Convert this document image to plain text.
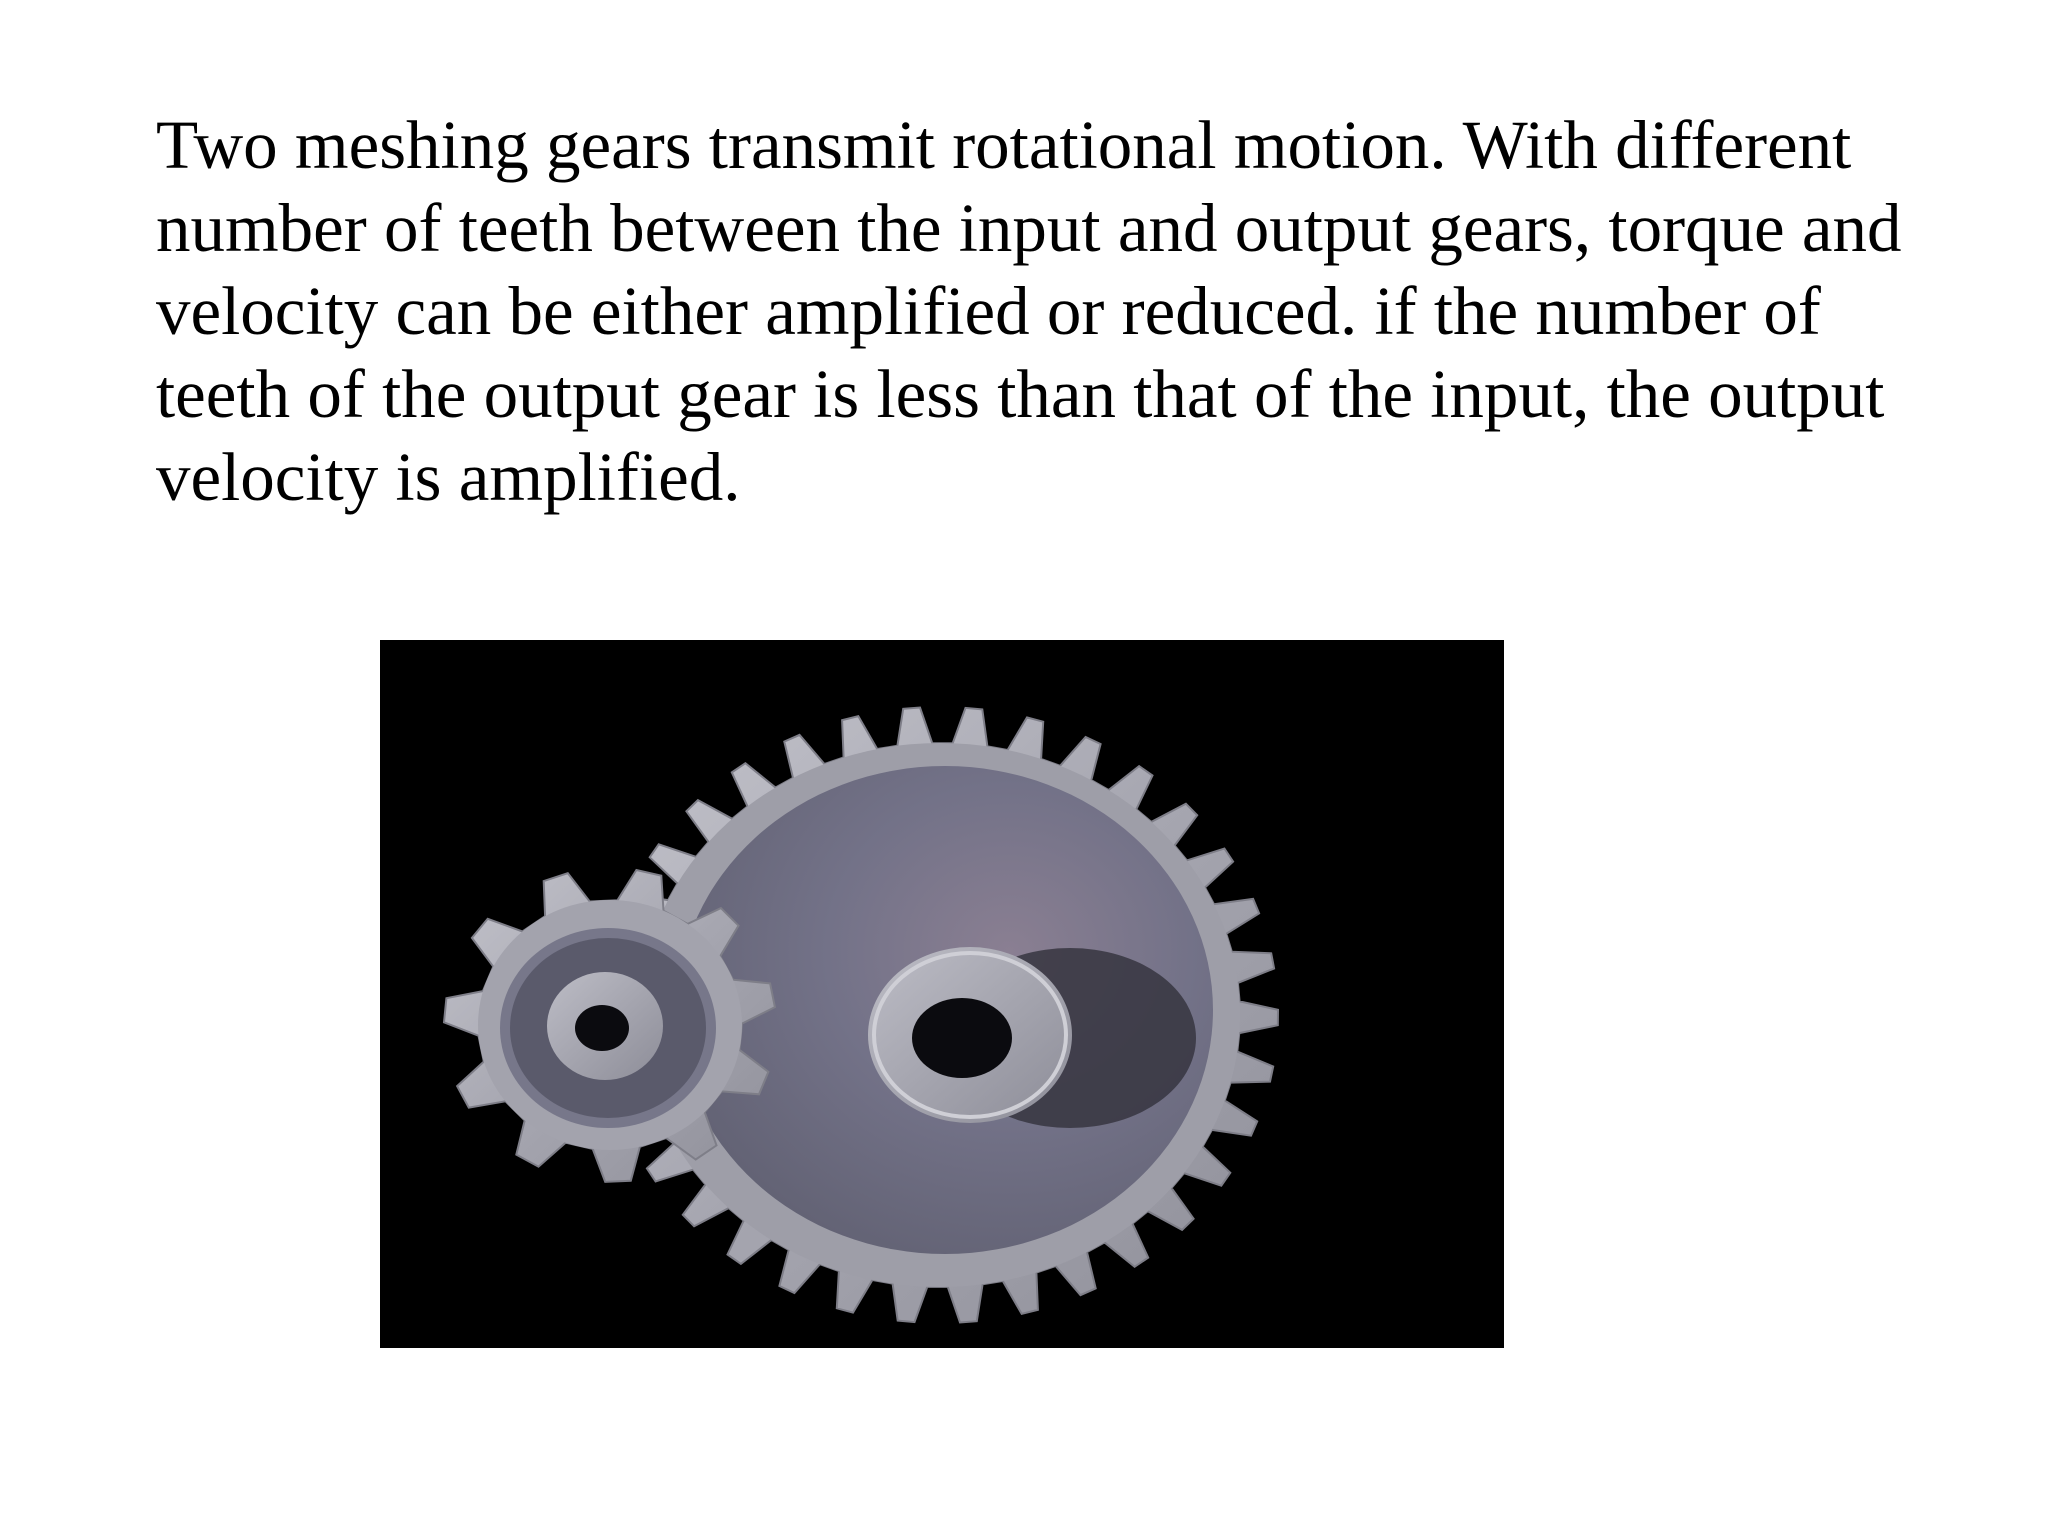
Two meshing gears transmit rotational motion. With different
number of teeth between the input and output gears, torque and
velocity can be either amplified or reduced. if the number of
teeth of the output gear is less than that of the input, the output
velocity is amplified.
